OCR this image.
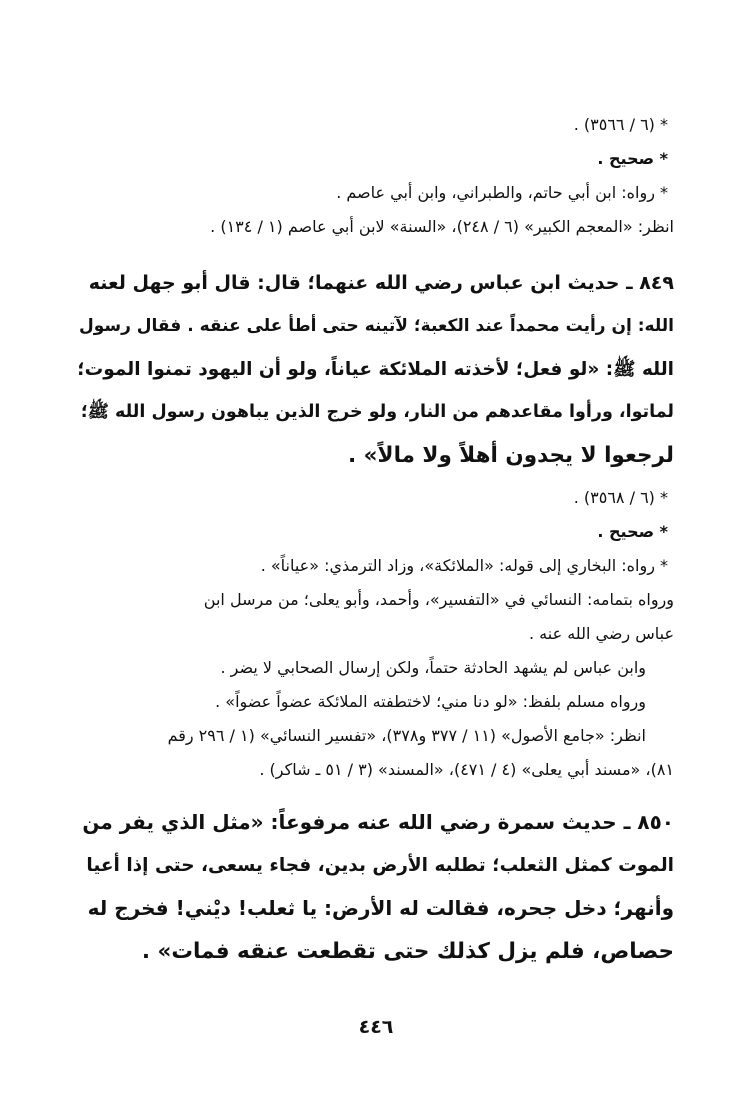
* (٦ / ٣٥٦٦) .
* صحيح .
* رواه: ابن أبي حاتم، والطبراني، وابن أبي عاصم .
انظر: «المعجم الكبير» (٦ / ٢٤٨)، «السنة» لابن أبي عاصم (١ / ١٣٤) .
٨٤٩ ـ حديث ابن عباس رضي الله عنهما؛ قال: قال أبو جهل لعنه
الله: إن رأيت محمداً عند الكعبة؛ لآتينه حتى أطأ على عنقه . فقال رسول
الله ﷺ: «لو فعل؛ لأخذته الملائكة عياناً، ولو أن اليهود تمنوا الموت؛
لماتوا، ورأوا مقاعدهم من النار، ولو خرج الذين يباهون رسول الله ﷺ؛
لرجعوا لا يجدون أهلاً ولا مالاً» .
* (٦ / ٣٥٦٨) .
* صحيح .
* رواه: البخاري إلى قوله: «الملائكة»، وزاد الترمذي: «عياناً» .
ورواه بتمامه: النسائي في «التفسير»، وأحمد، وأبو يعلى؛ من مرسل ابن
عباس رضي الله عنه .
وابن عباس لم يشهد الحادثة حتماً، ولكن إرسال الصحابي لا يضر .
ورواه مسلم بلفظ: «لو دنا مني؛ لاختطفته الملائكة عضواً عضواً» .
انظر: «جامع الأصول» (١١ / ٣٧٧ و٣٧٨)، «تفسير النسائي» (١ / ٢٩٦ رقم
٨١)، «مسند أبي يعلى» (٤ / ٤٧١)، «المسند» (٣ / ٥١ ـ شاكر) .
٨٥٠ ـ حديث سمرة رضي الله عنه مرفوعاً: «مثل الذي يفر من
الموت كمثل الثعلب؛ تطلبه الأرض بدين، فجاء يسعى، حتى إذا أعيا
وأنهر؛ دخل جحره، فقالت له الأرض: يا ثعلب! ديْني! فخرج له
حصاص، فلم يزل كذلك حتى تقطعت عنقه فمات» .
٤٤٦
